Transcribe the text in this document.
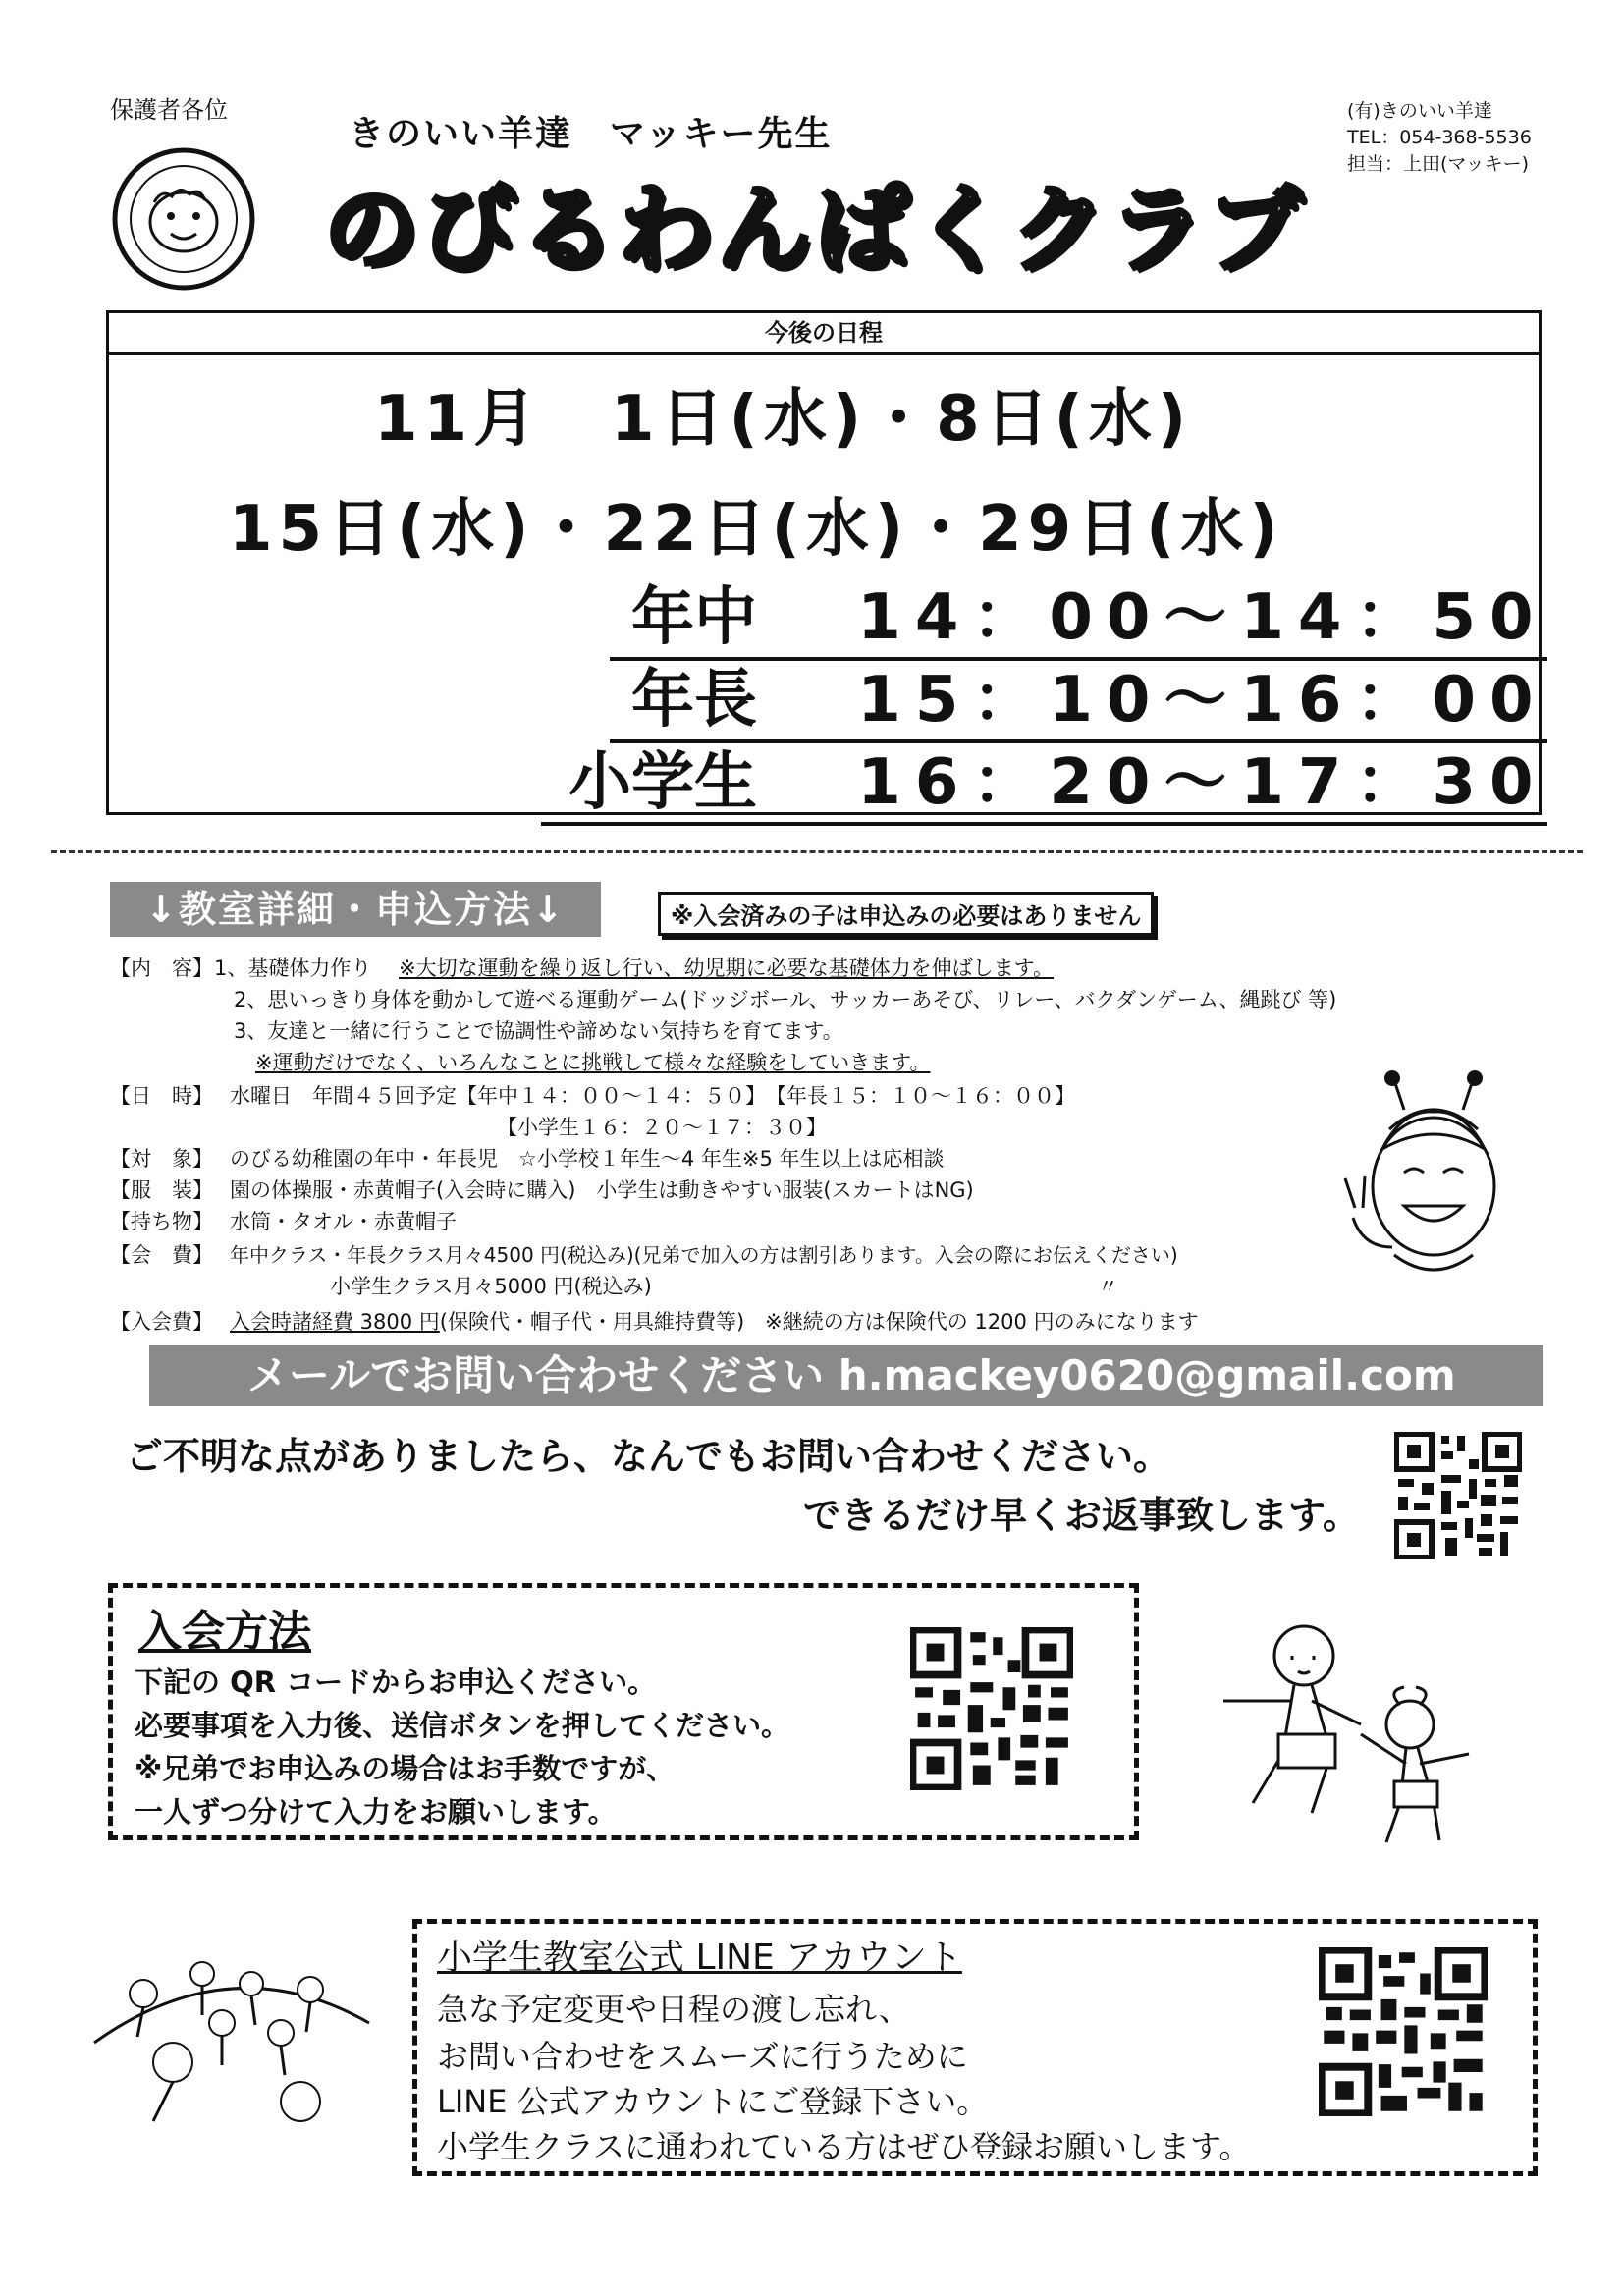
保護者各位
きのいい羊達　マッキー先生
のびるわんぱくクラブ
(有)きのいい羊達
TEL：054-368-5536
担当：上田(マッキー)
今後の日程
11月　1日(水)・8日(水)
15日(水)・22日(水)・29日(水)
年中 14：00～14：50
年長 15：10～16：00
小学生 16：20～17：30
↓教室詳細・申込方法↓	※入会済みの子は申込みの必要はありません
【内　容】 1、基礎体力作り　 ※大切な運動を繰り返し行い、幼児期に必要な基礎体力を伸ばします。
2、思いっきり身体を動かして遊べる運動ゲーム(ドッジボール、サッカーあそび、リレー、バクダンゲーム、縄跳び 等)
3、友達と一緒に行うことで協調性や諦めない気持ちを育てます。
※運動だけでなく、いろんなことに挑戦して様々な経験をしていきます。
【日　時】 水曜日　年間４５回予定【年中１４：００～１４：５０】　【年長１５：１０～１６：００】
【小学生１６：２０～１７：３０】
【対　象】 のびる幼稚園の年中・年長児　☆小学校１年生～4 年生※5 年生以上は応相談
【服　装】 園の体操服・赤黄帽子(入会時に購入)　小学生は動きやすい服装(スカートはNG)
【持ち物】 水筒・タオル・赤黄帽子
【会　費】 年中クラス・年長クラス月々4500 円(税込み)(兄弟で加入の方は割引あります。入会の際にお伝えください)
小学生クラス月々5000 円(税込み)	〃
【入会費】 入会時諸経費 3800 円(保険代・帽子代・用具維持費等)　※継続の方は保険代の 1200 円のみになります
メールでお問い合わせください h.mackey0620@gmail.com
ご不明な点がありましたら、なんでもお問い合わせください。
できるだけ早くお返事致します。
入会方法
下記の QR コードからお申込ください。
必要事項を入力後、送信ボタンを押してください。
※兄弟でお申込みの場合はお手数ですが、
一人ずつ分けて入力をお願いします。
小学生教室公式 LINE アカウント
急な予定変更や日程の渡し忘れ、
お問い合わせをスムーズに行うために
LINE 公式アカウントにご登録下さい。
小学生クラスに通われている方はぜひ登録お願いします。
